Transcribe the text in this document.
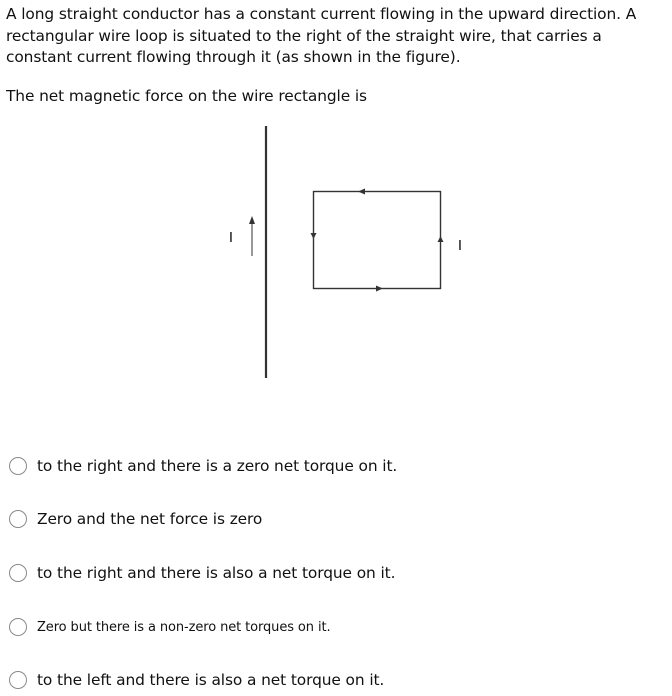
A long straight conductor has a constant current flowing in the upward direction. A rectangular wire loop is situated to the right of the straight wire, that carries a constant current flowing through it (as shown in the figure).

The net magnetic force on the wire rectangle is

I	I
to the right and there is a zero net torque on it.
Zero and the net force is zero
to the right and there is also a net torque on it.
Zero but there is a non-zero net torques on it.
to the left and there is also a net torque on it.
